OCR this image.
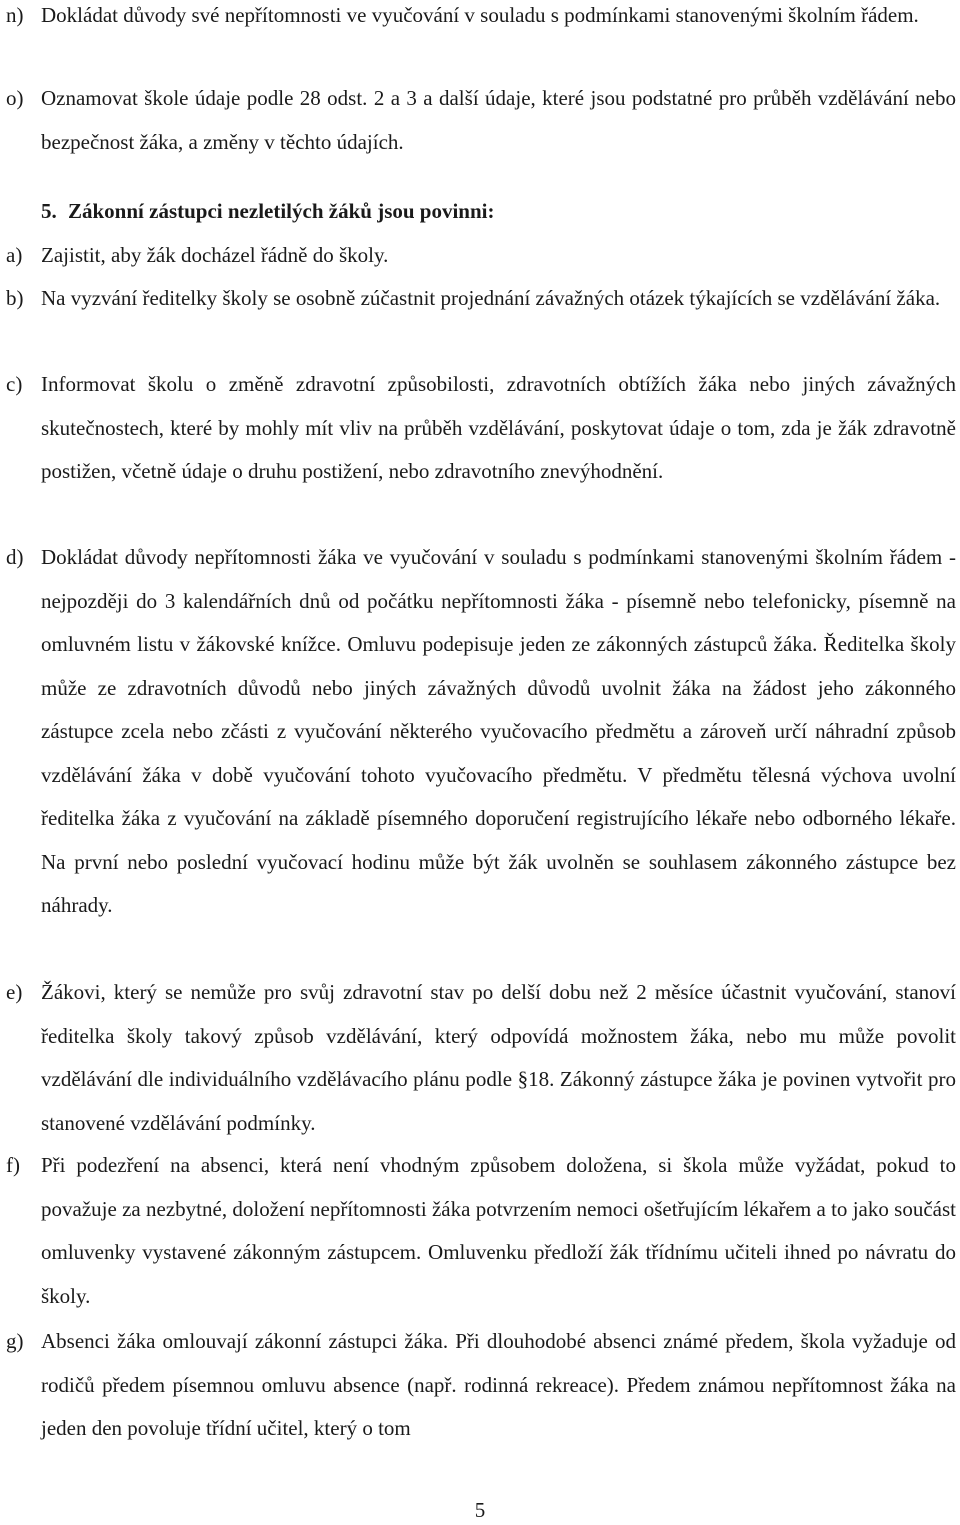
n) Dokládat důvody své nepřítomnosti ve vyučování v souladu s podmínkami stanovenými školním řádem.
o) Oznamovat škole údaje podle 28 odst. 2 a 3 a další údaje, které jsou podstatné pro průběh vzdělávání nebo bezpečnost žáka, a změny v těchto údajích.
5. Zákonní zástupci nezletilých žáků jsou povinni:
a) Zajistit, aby žák docházel řádně do školy.
b) Na vyzvání ředitelky školy se osobně zúčastnit projednání závažných otázek týkajících se vzdělávání žáka.
c) Informovat školu o změně zdravotní způsobilosti, zdravotních obtížích žáka nebo jiných závažných skutečnostech, které by mohly mít vliv na průběh vzdělávání, poskytovat údaje o tom, zda je žák zdravotně postižen, včetně údaje o druhu postižení, nebo zdravotního znevýhodnění.
d) Dokládat důvody nepřítomnosti žáka ve vyučování v souladu s podmínkami stanovenými školním řádem - nejpozději do 3 kalendářních dnů od počátku nepřítomnosti žáka - písemně nebo telefonicky, písemně na omluvném listu v žákovské knížce. Omluvu podepisuje jeden ze zákonných zástupců žáka. Ředitelka školy může ze zdravotních důvodů nebo jiných závažných důvodů uvolnit žáka na žádost jeho zákonného zástupce zcela nebo zčásti z vyučování některého vyučovacího předmětu a zároveň určí náhradní způsob vzdělávání žáka v době vyučování tohoto vyučovacího předmětu. V předmětu tělesná výchova uvolní ředitelka žáka z vyučování na základě písemného doporučení registrujícího lékaře nebo odborného lékaře. Na první nebo poslední vyučovací hodinu může být žák uvolněn se souhlasem zákonného zástupce bez náhrady.
e) Žákovi, který se nemůže pro svůj zdravotní stav po delší dobu než 2 měsíce účastnit vyučování, stanoví ředitelka školy takový způsob vzdělávání, který odpovídá možnostem žáka, nebo mu může povolit vzdělávání dle individuálního vzdělávacího plánu podle §18. Zákonný zástupce žáka je povinen vytvořit pro stanovené vzdělávání podmínky.
f)	Při podezření na absenci, která není vhodným způsobem doložena, si škola může vyžádat, pokud to považuje za nezbytné, doložení nepřítomnosti žáka potvrzením nemoci ošetřujícím lékařem a to jako součást omluvenky vystavené zákonným zástupcem. Omluvenku předloží žák třídnímu učiteli ihned po návratu do školy.
g) Absenci žáka omlouvají zákonní zástupci žáka. Při dlouhodobé absenci známé předem, škola vyžaduje od rodičů předem písemnou omluvu absence (např. rodinná rekreace). Předem známou nepřítomnost žáka na jeden den povoluje třídní učitel, který o tom
5
